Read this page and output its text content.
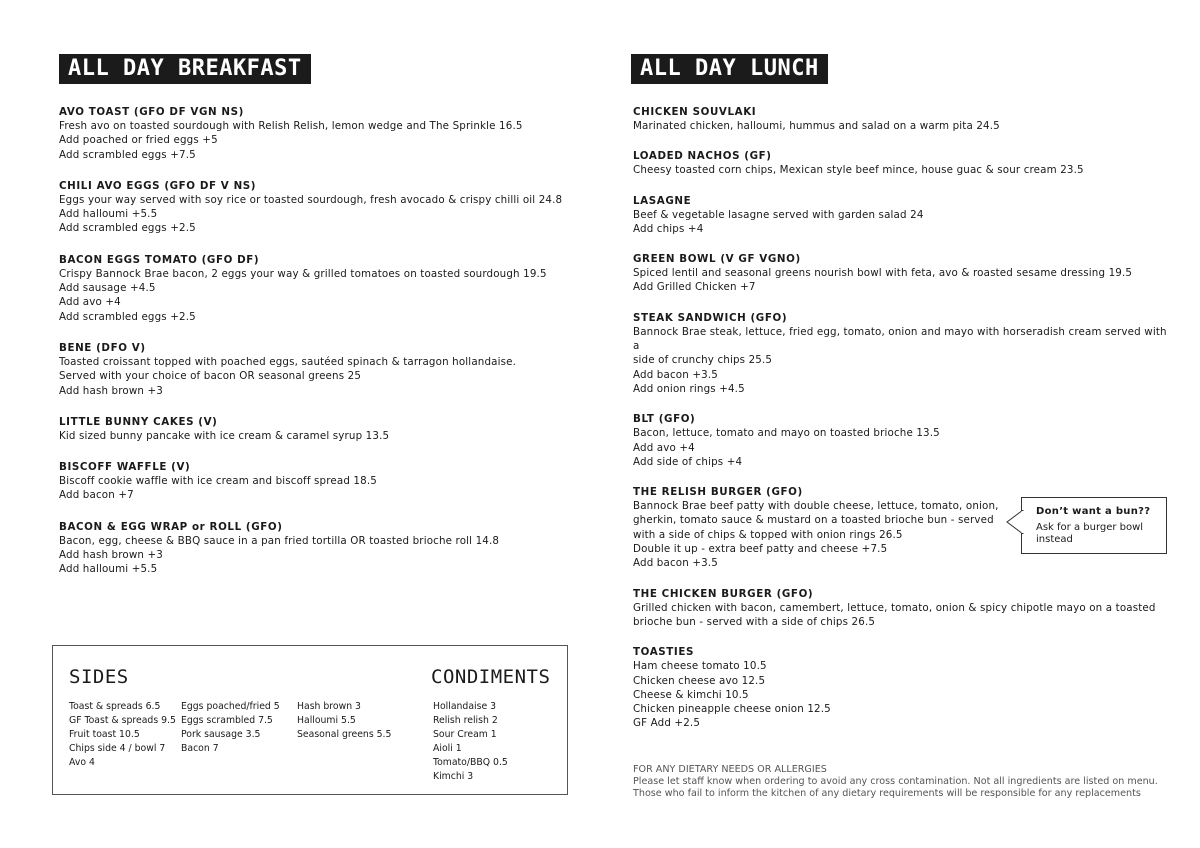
ALL DAY BREAKFAST	ALL DAY LUNCH
AVO TOAST (GFO DF VGN NS)
Fresh avo on toasted sourdough with Relish Relish, lemon wedge and The Sprinkle 16.5
Add poached or fried eggs +5
Add scrambled eggs +7.5
CHILI AVO EGGS (GFO DF V NS)
Eggs your way served with soy rice or toasted sourdough, fresh avocado & crispy chilli oil 24.8
Add halloumi +5.5
Add scrambled eggs +2.5
BACON EGGS TOMATO (GFO DF)
Crispy Bannock Brae bacon, 2 eggs your way & grilled tomatoes on toasted sourdough 19.5
Add sausage +4.5
Add avo +4
Add scrambled eggs +2.5
BENE (DFO V)
Toasted croissant topped with poached eggs, sautéed spinach & tarragon hollandaise.
Served with your choice of bacon OR seasonal greens 25
Add hash brown +3
LITTLE BUNNY CAKES (V)
Kid sized bunny pancake with ice cream & caramel syrup 13.5
BISCOFF WAFFLE (V)
Biscoff cookie waffle with ice cream and biscoff spread 18.5
Add bacon +7
BACON & EGG WRAP or ROLL (GFO)
Bacon, egg, cheese & BBQ sauce in a pan fried tortilla OR toasted brioche roll 14.8
Add hash brown +3
Add halloumi +5.5
CHICKEN SOUVLAKI
Marinated chicken, halloumi, hummus and salad on a warm pita 24.5
LOADED NACHOS (GF)
Cheesy toasted corn chips, Mexican style beef mince, house guac & sour cream 23.5
LASAGNE
Beef & vegetable lasagne served with garden salad 24
Add chips +4
GREEN BOWL (V GF VGNO)
Spiced lentil and seasonal greens nourish bowl with feta, avo & roasted sesame dressing 19.5
Add Grilled Chicken +7
STEAK SANDWICH (GFO)
Bannock Brae steak, lettuce, fried egg, tomato, onion and mayo with horseradish cream served with a
side of crunchy chips 25.5
Add bacon +3.5
Add onion rings +4.5
BLT (GFO)
Bacon, lettuce, tomato and mayo on toasted brioche 13.5
Add avo +4
Add side of chips +4
THE RELISH BURGER (GFO)
Bannock Brae beef patty with double cheese, lettuce, tomato, onion,
gherkin, tomato sauce & mustard on a toasted brioche bun - served
with a side of chips & topped with onion rings 26.5
Double it up - extra beef patty and cheese +7.5
Add bacon +3.5
THE CHICKEN BURGER (GFO)
Grilled chicken with bacon, camembert, lettuce, tomato, onion & spicy chipotle mayo on a toasted
brioche bun - served with a side of chips 26.5
TOASTIES
Ham cheese tomato 10.5
Chicken cheese avo 12.5
Cheese & kimchi 10.5
Chicken pineapple cheese onion 12.5
GF Add +2.5
Don’t want a bun??
Ask for a burger bowl instead
SIDES	CONDIMENTS
Toast & spreads 6.5
GF Toast & spreads 9.5
Fruit toast 10.5
Chips side 4 / bowl 7
Avo 4
Eggs poached/fried 5
Eggs scrambled 7.5
Pork sausage 3.5
Bacon 7
Hash brown 3
Halloumi 5.5
Seasonal greens 5.5
Hollandaise 3
Relish relish 2
Sour Cream 1
Aioli 1
Tomato/BBQ 0.5
Kimchi 3
FOR ANY DIETARY NEEDS OR ALLERGIES
Please let staff know when ordering to avoid any cross contamination. Not all ingredients are listed on menu.
Those who fail to inform the kitchen of any dietary requirements will be responsible for any replacements
